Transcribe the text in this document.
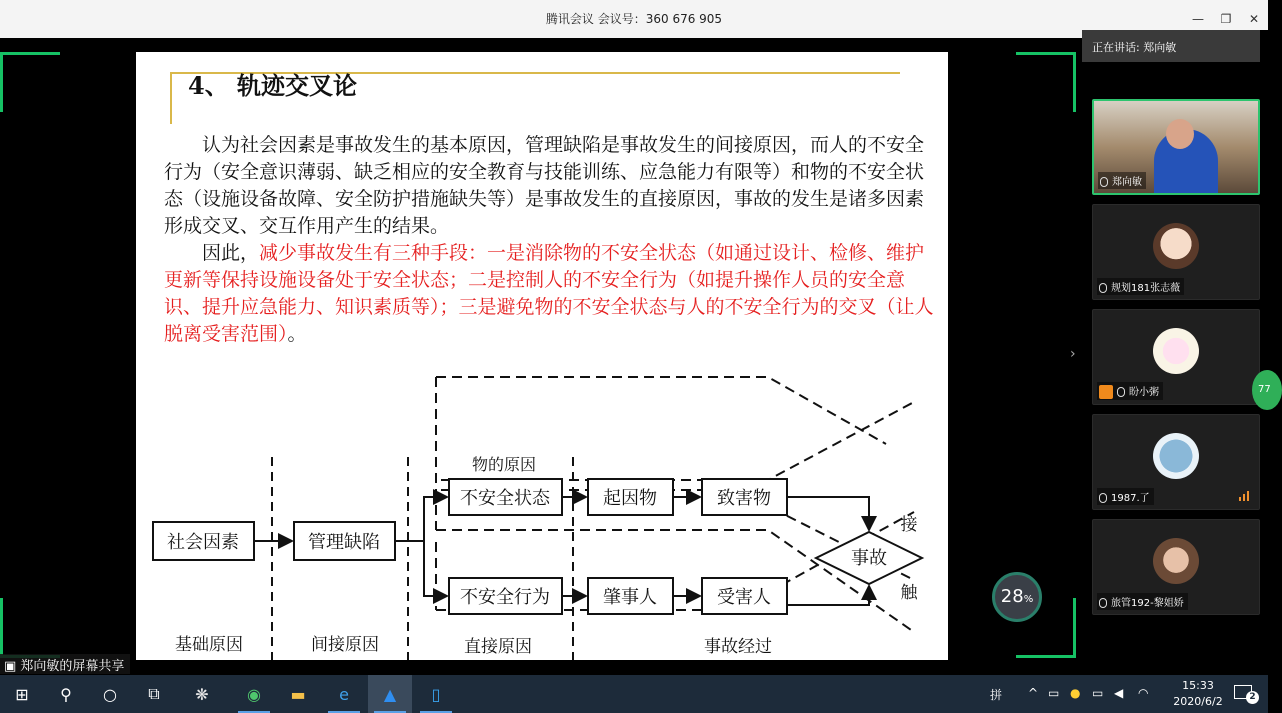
腾讯会议 会议号：360 676 905	—	❐	✕
4、 轨迹交叉论
认为社会因素是事故发生的基本原因，管理缺陷是事故发生的间接原因，而人的不安全行为（安全意识薄弱、缺乏相应的安全教育与技能训练、应急能力有限等）和物的不安全状态（设施设备故障、安全防护措施缺失等）是事故发生的直接原因，事故的发生是诸多因素形成交叉、交互作用产生的结果。
因此，减少事故发生有三种手段：一是消除物的不安全状态（如通过设计、检修、维护更新等保持设施设备处于安全状态；二是控制人的不安全行为（如提升操作人员的安全意识、提升应急能力、知识素质等）；三是避免物的不安全状态与人的不安全行为的交叉（让人脱离受害范围）。
社会因素	管理缺陷
物的原因
不安全状态	起因物	致害物
不安全行为	肇事人	受害人
事故
接
触
基础原因	间接原因	直接原因	事故经过
▣ 郑向敏的屏幕共享
28%
›
正在讲话: 郑向敏
郑向敏
规划181张志薇
盼小粥
1987.了
旅管192-黎姐娇
77
⊞	⚲	○	⧉	❋	◉	▬	e	▲	▯	拼 ^ ▭ ● ▭ ◀ ◠
15:33
2020/6/2	2
